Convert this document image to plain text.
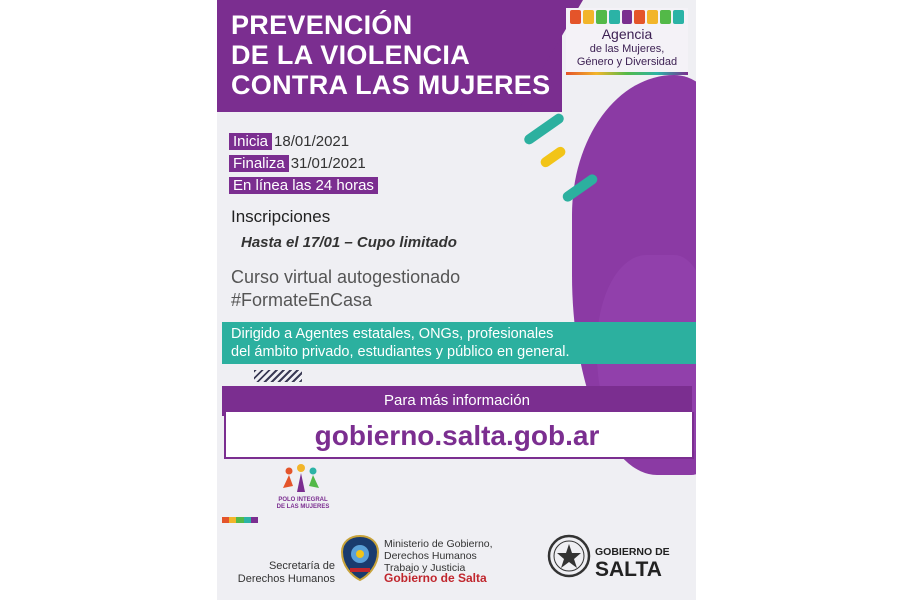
PREVENCIÓN
DE LA VIOLENCIA
CONTRA LAS MUJERES
Agencia
de las Mujeres,
Género y Diversidad
Inicia 18/01/2021
Finaliza 31/01/2021
En línea las 24 horas
Inscripciones
Hasta el 17/01 – Cupo limitado
Curso virtual autogestionado
#FormateEnCasa
Dirigido a Agentes estatales, ONGs, profesionales
del ámbito privado, estudiantes y público en general.
Para más información
gobierno.salta.gob.ar
POLO INTEGRAL
DE LAS MUJERES
Secretaría de
Derechos Humanos
Ministerio de Gobierno,
Derechos Humanos
Trabajo y Justicia
Gobierno de Salta
GOBIERNO DE
SALTA
